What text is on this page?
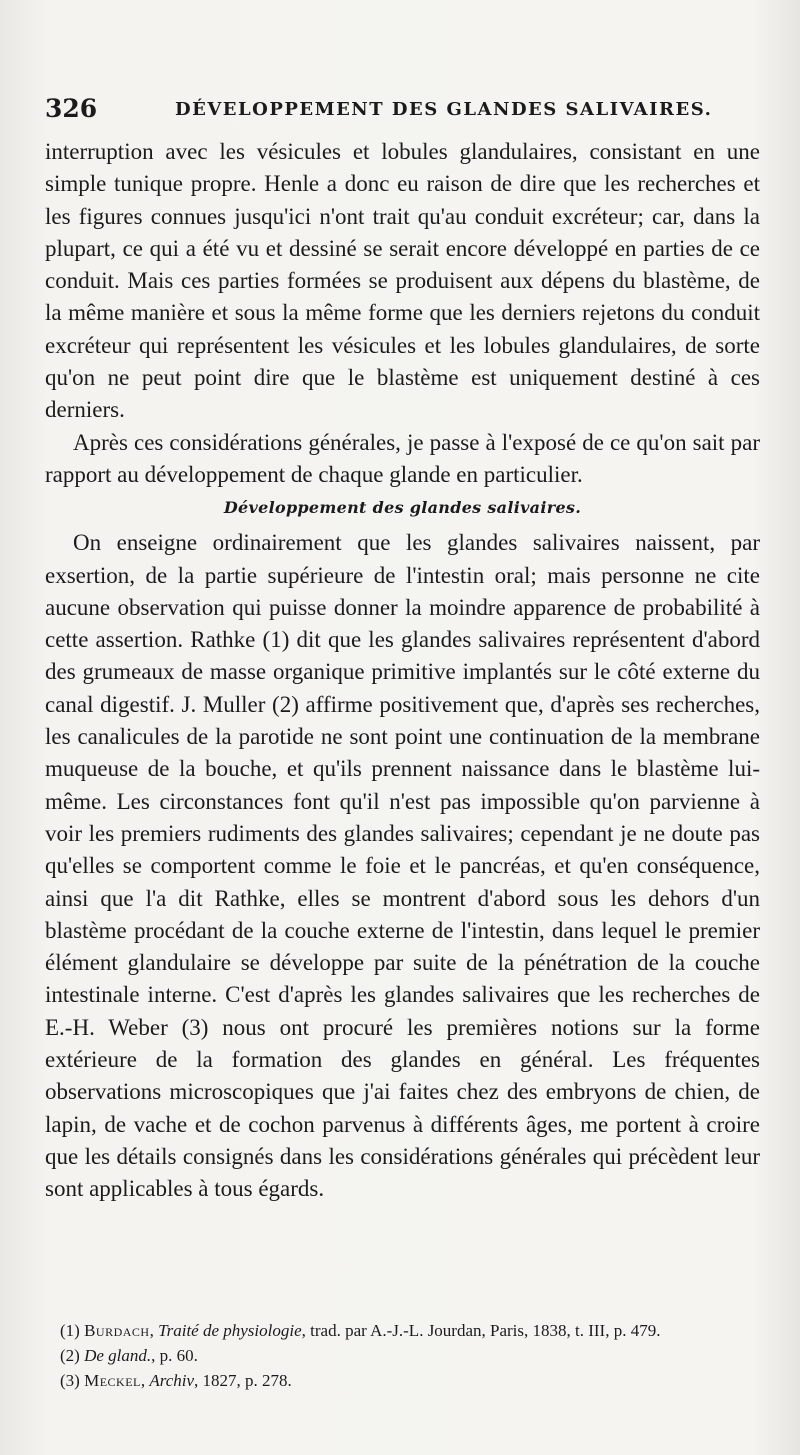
326	DÉVELOPPEMENT DES GLANDES SALIVAIRES.

interruption avec les vésicules et lobules glandulaires, consistant en une simple tunique propre. Henle a donc eu raison de dire que les recherches et les figures connues jusqu'ici n'ont trait qu'au conduit excréteur; car, dans la plupart, ce qui a été vu et dessiné se serait encore développé en parties de ce conduit. Mais ces parties formées se produisent aux dépens du blastème, de la même manière et sous la même forme que les derniers rejetons du conduit excréteur qui représentent les vésicules et les lobules glandulaires, de sorte qu'on ne peut point dire que le blastème est uniquement destiné à ces derniers.

Après ces considérations générales, je passe à l'exposé de ce qu'on sait par rapport au développement de chaque glande en particulier.

Développement des glandes salivaires.

On enseigne ordinairement que les glandes salivaires naissent, par exsertion, de la partie supérieure de l'intestin oral; mais personne ne cite aucune observation qui puisse donner la moindre apparence de probabilité à cette assertion. Rathke (1) dit que les glandes salivaires représentent d'abord des grumeaux de masse organique primitive implantés sur le côté externe du canal digestif. J. Muller (2) affirme positivement que, d'après ses recherches, les canalicules de la parotide ne sont point une continuation de la membrane muqueuse de la bouche, et qu'ils prennent naissance dans le blastème lui-même. Les circonstances font qu'il n'est pas impossible qu'on parvienne à voir les premiers rudiments des glandes salivaires; cependant je ne doute pas qu'elles se comportent comme le foie et le pancréas, et qu'en conséquence, ainsi que l'a dit Rathke, elles se montrent d'abord sous les dehors d'un blastème procédant de la couche externe de l'intestin, dans lequel le premier élément glandulaire se développe par suite de la pénétration de la couche intestinale interne. C'est d'après les glandes salivaires que les recherches de E.-H. Weber (3) nous ont procuré les premières notions sur la forme extérieure de la formation des glandes en général. Les fréquentes observations microscopiques que j'ai faites chez des embryons de chien, de lapin, de vache et de cochon parvenus à différents âges, me portent à croire que les détails consignés dans les considérations générales qui précèdent leur sont applicables à tous égards.

(1) Burdach, Traité de physiologie, trad. par A.-J.-L. Jourdan, Paris, 1838, t. III, p. 479.

(2) De gland., p. 60.

(3) Meckel, Archiv, 1827, p. 278.
